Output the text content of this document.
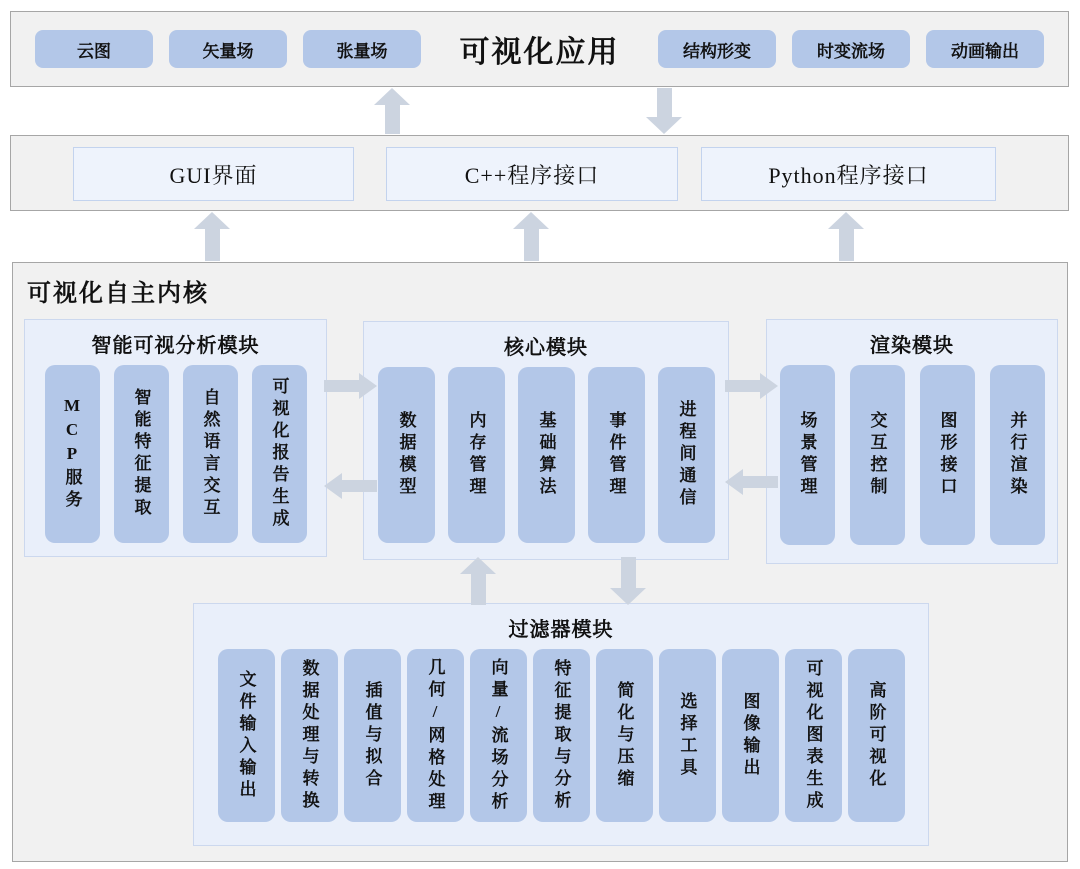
云图	矢量场	张量场	可视化应用	结构形变	时变流场	动画输出
GUI界面	C++程序接口	Python程序接口
可视化自主内核
智能可视分析模块
MCP服务	智能特征提取	自然语言交互	可视化报告生成
核心模块
数据模型	内存管理	基础算法	事件管理	进程间通信
渲染模块
场景管理	交互控制	图形接口	并行渲染
过滤器模块
文件输入输出	数据处理与转换	插值与拟合	几何/网格处理	向量/流场分析	特征提取与分析	简化与压缩	选择工具	图像输出	可视化图表生成	高阶可视化
